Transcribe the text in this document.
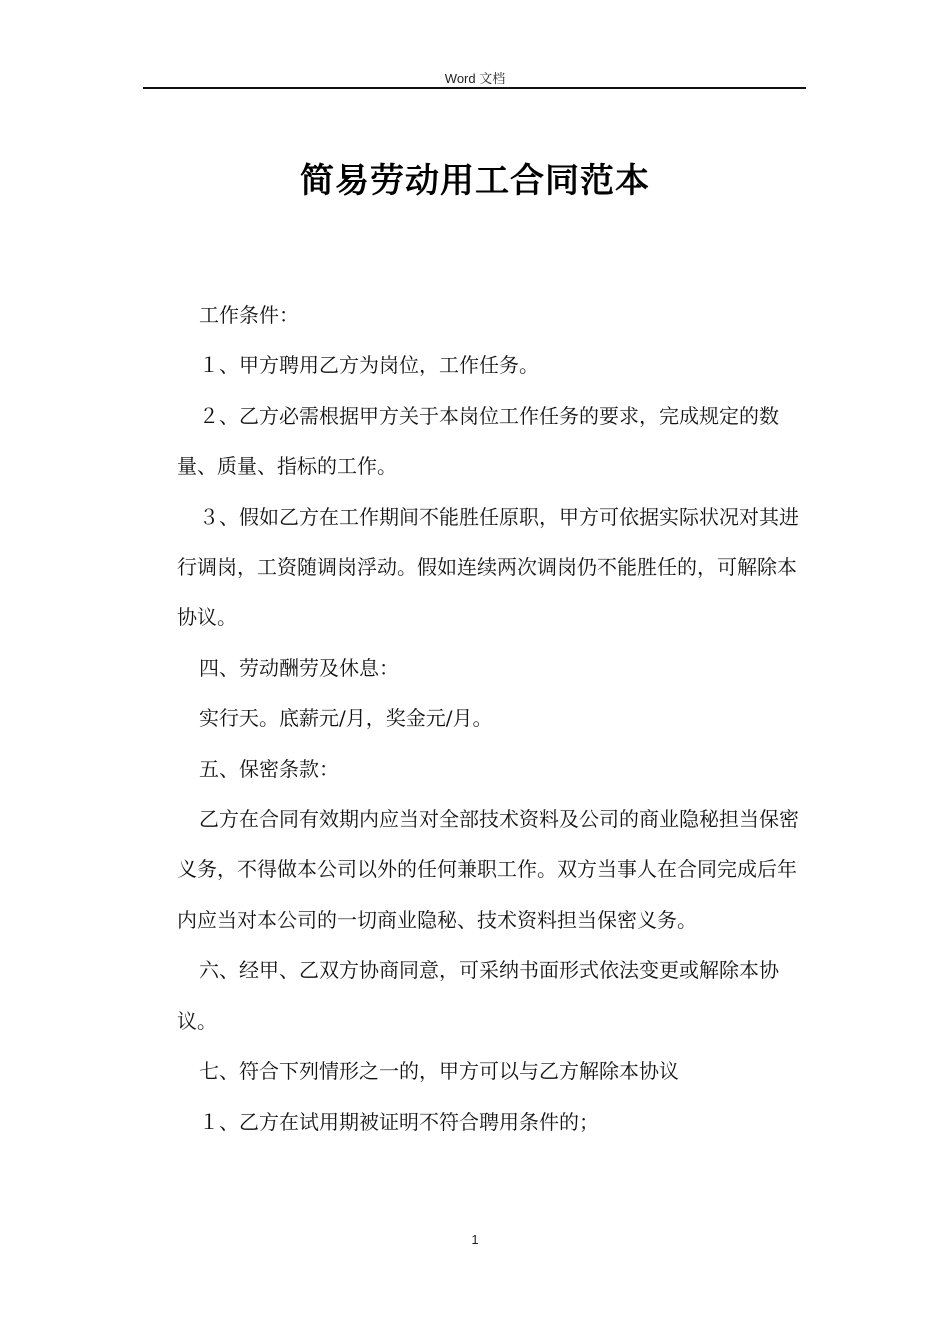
Word 文档
简易劳动用工合同范本

工作条件：

１、甲方聘用乙方为岗位，工作任务。

２、乙方必需根据甲方关于本岗位工作任务的要求，完成规定的数量、质量、指标的工作。

３、假如乙方在工作期间不能胜任原职，甲方可依据实际状况对其进行调岗，工资随调岗浮动。假如连续两次调岗仍不能胜任的，可解除本协议。

四、劳动酬劳及休息：

实行天。底薪元/月，奖金元/月。

五、保密条款：

乙方在合同有效期内应当对全部技术资料及公司的商业隐秘担当保密义务，不得做本公司以外的任何兼职工作。双方当事人在合同完成后年内应当对本公司的一切商业隐秘、技术资料担当保密义务。

六、经甲、乙双方协商同意，可采纳书面形式依法变更或解除本协议。

七、符合下列情形之一的，甲方可以与乙方解除本协议

１、乙方在试用期被证明不符合聘用条件的；

1
